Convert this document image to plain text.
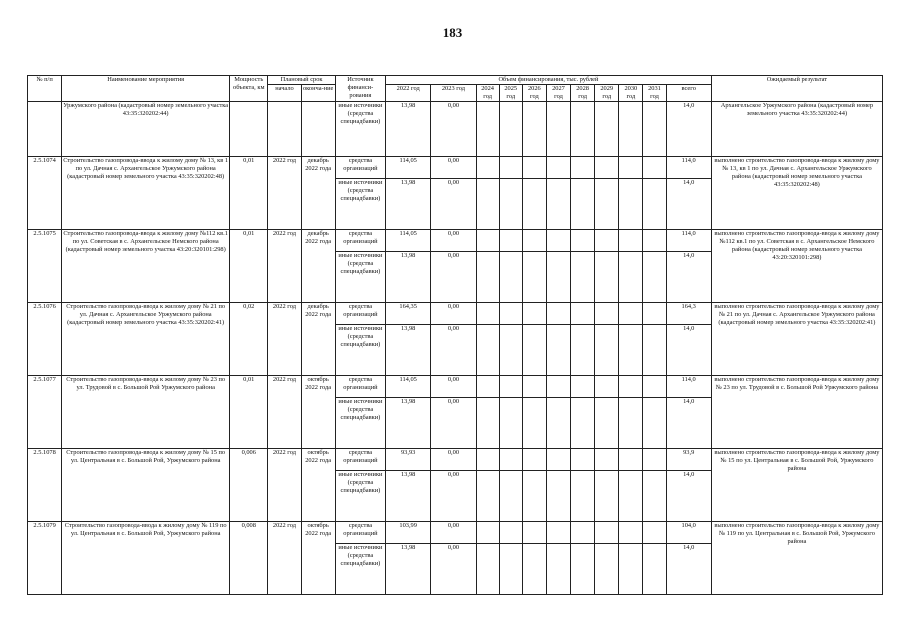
183
№ п/п	Наименование мероприятия	Мощность объекта, км	Плановый срок		Источник финанси-рования	Объем финансирования, тыс. рублей											Ожидаемый результат
			начало	оконча-ние		2022 год	2023 год	2024 год	2025 год	2026 год	2027 год	2028 год	2029 год	2030 год	2031 год	всего	
	Уржумского района (кадастровый номер земельного участка 43:35:320202:44)				иные источники (средства спецнадбавки)	13,98	0,00									14,0	Архангельское Уржумского района (кадастровый номер земельного участка 43:35:320202:44)
2.5.1074	Строительство газопровода-ввода к жилому дому № 13, кв 1 по ул. Дачная с. Архангельское Уржумского района (кадастровый номер земельного участка 43:35:320202:48)	0,01	2022 год	декабрь 2022 года	средства организаций	114,05	0,00									114,0	выполнено строительство газопровода-ввода к жилому дому № 13, кв 1 по ул. Дачная с. Архангельское Уржумского района (кадастровый номер земельного участка 43:35:320202:48)
					иные источники (средства спецнадбавки)	13,98	0,00									14,0	
2.5.1075	Строительство газопровода-ввода к жилому дому №112 кв.1 по ул. Советская в с. Архангельское Немского района (кадастровый номер земельного участка 43:20:320101:298)	0,01	2022 год	декабрь 2022 года	средства организаций	114,05	0,00									114,0	выполнено строительство газопровода-ввода к жилому дому №112 кв.1 по ул. Советская в с. Архангельское Немского района (кадастровый номер земельного участка 43:20:320101:298)
					иные источники (средства спецнадбавки)	13,98	0,00									14,0	
2.5.1076	Строительство газопровода-ввода к жилому дому № 21 по ул. Дачная с. Архангельское Уржумского района (кадастровый номер земельного участка 43:35:320202:41)	0,02	2022 год	декабрь 2022 года	средства организаций	164,35	0,00									164,3	выполнено строительство газопровода-ввода к жилому дому № 21 по ул. Дачная с. Архангельское Уржумского района (кадастровый номер земельного участка 43:35:320202:41)
					иные источники (средства спецнадбавки)	13,98	0,00									14,0	
2.5.1077	Строительство газопровода-ввода к жилому дому № 23 по ул. Трудовой в с. Большой Рой Уржумского района	0,01	2022 год	октябрь 2022 года	средства организаций	114,05	0,00									114,0	выполнено строительство газопровода-ввода к жилому дому № 23 по ул. Трудовой в с. Большой Рой Уржумского района
					иные источники (средства спецнадбавки)	13,98	0,00									14,0	
2.5.1078	Строительство газопровода-ввода к жилому дому № 15 по ул. Центральная в с. Большой Рой, Уржумского района	0,006	2022 год	октябрь 2022 года	средства организаций	93,93	0,00									93,9	выполнено строительство газопровода-ввода к жилому дому № 15 по ул. Центральная в с. Большой Рой, Уржумского района
					иные источники (средства спецнадбавки)	13,98	0,00									14,0	
2.5.1079	Строительство газопровода-ввода к жилому дому № 119 по ул. Центральная в с. Большой Рой, Уржумского района	0,008	2022 год	октябрь 2022 года	средства организаций	103,99	0,00									104,0	выполнено строительство газопровода-ввода к жилому дому № 119 по ул. Центральная в с. Большой Рой, Уржумского района
					иные источники (средства спецнадбавки)	13,98	0,00									14,0	
